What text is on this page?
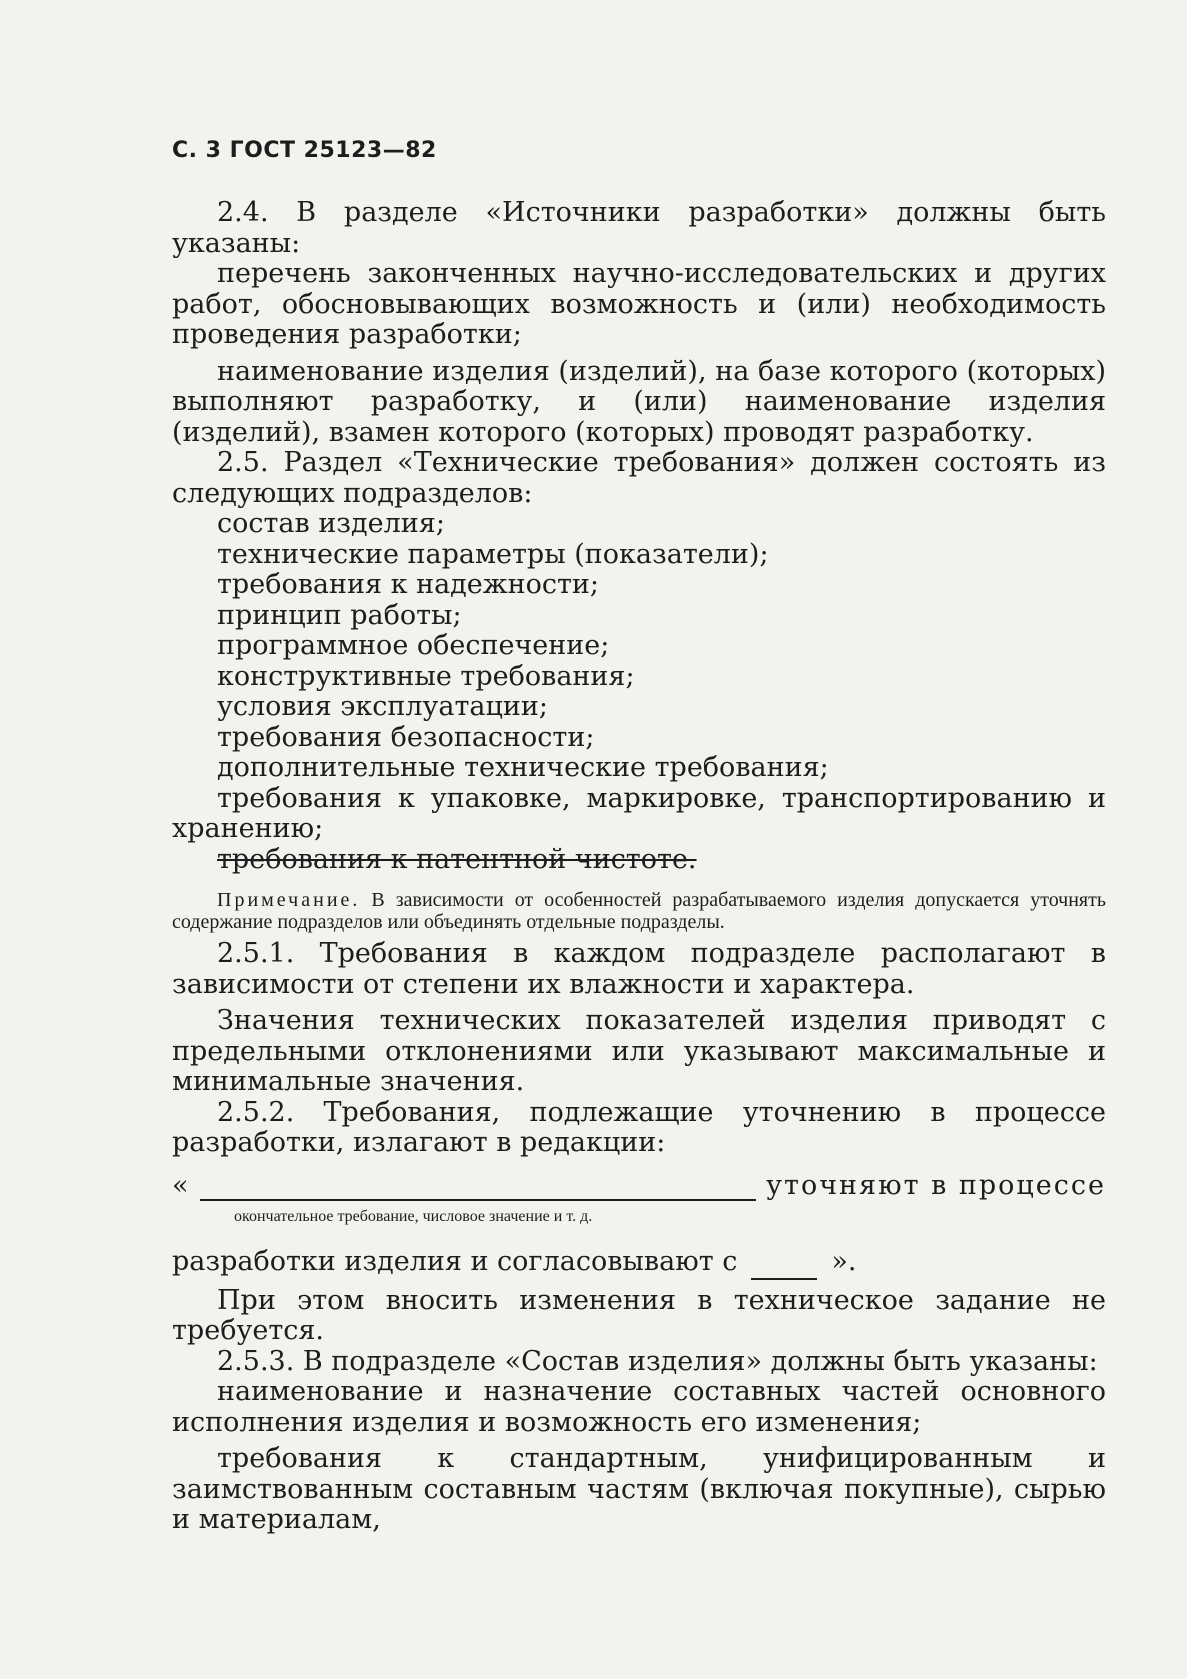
С. 3 ГОСТ 25123—82

2.4. В разделе «Источники разработки» должны быть указаны:

перечень законченных научно-исследовательских и других работ, обосновывающих возможность и (или) необходимость проведения разработки;

наименование изделия (изделий), на базе которого (которых) выполняют разработку, и (или) наименование изделия (изделий), взамен которого (которых) проводят разработку.

2.5. Раздел «Технические требования» должен состоять из следующих подразделов:

состав изделия;

технические параметры (показатели);

требования к надежности;

принцип работы;

программное обеспечение;

конструктивные требования;

условия эксплуатации;

требования безопасности;

дополнительные технические требования;

требования к упаковке, маркировке, транспортированию и хранению;

требования к патентной чистоте.

Примечание. В зависимости от особенностей разрабатываемого изделия допускается уточнять содержание подразделов или объединять отдельные подразделы.

2.5.1. Требования в каждом подразделе располагают в зависимости от степени их влажности и характера.

Значения технических показателей изделия приводят с предельными отклонениями или указывают максимальные и минимальные значения.

2.5.2. Требования, подлежащие уточнению в процессе разработки, излагают в редакции:

«	уточняют в процессе
окончательное требование, числовое значение и т. д.

разработки изделия и согласовывают с	».

При этом вносить изменения в техническое задание не требуется.

2.5.3. В подразделе «Состав изделия» должны быть указаны:

наименование и назначение составных частей основного исполнения изделия и возможность его изменения;

требования к стандартным, унифицированным и заимствованным составным частям (включая покупные), сырью и материалам,
